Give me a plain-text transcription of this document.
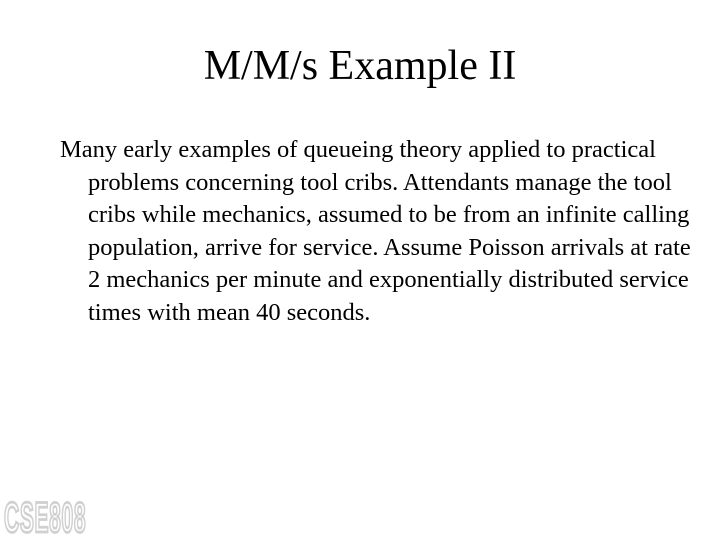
M/M/s Example II

Many early examples of queueing theory applied to practical problems concerning tool cribs. Attendants manage the tool cribs while mechanics, assumed to be from an infinite calling population, arrive for service. Assume Poisson arrivals at rate 2 mechanics per minute and exponentially distributed service times with mean 40 seconds.

CSE808
